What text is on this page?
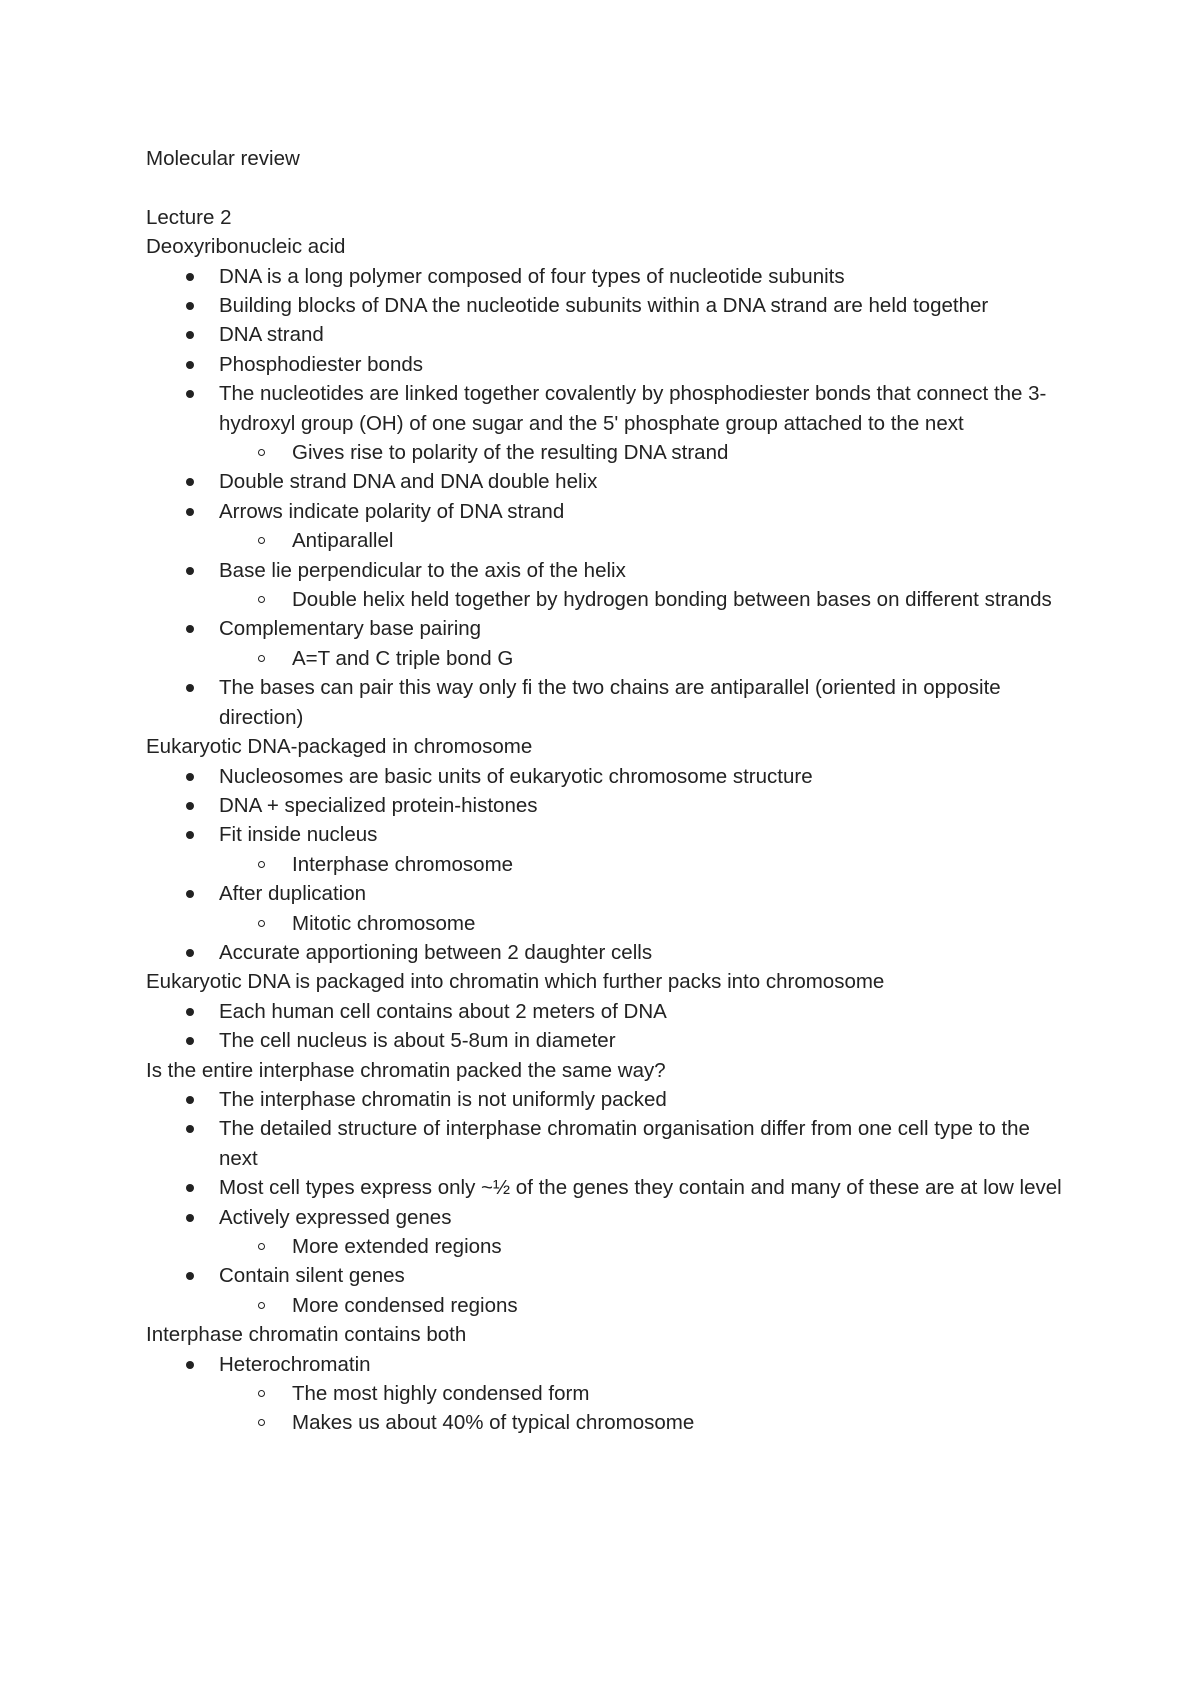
Molecular review

Lecture 2

Deoxyribonucleic acid

DNA is a long polymer composed of four types of nucleotide subunits
Building blocks of DNA the nucleotide subunits within a DNA strand are held together
DNA strand
Phosphodiester bonds
The nucleotides are linked together covalently by phosphodiester bonds that connect the 3-hydroxyl group (OH) of one sugar and the 5' phosphate group attached to the next
Gives rise to polarity of the resulting DNA strand
Double strand DNA and DNA double helix
Arrows indicate polarity of DNA strand
Antiparallel
Base lie perpendicular to the axis of the helix
Double helix held together by hydrogen bonding between bases on different strands
Complementary base pairing
A=T and C triple bond G
The bases can pair this way only fi the two chains are antiparallel (oriented in opposite direction)

Eukaryotic DNA-packaged in chromosome

Nucleosomes are basic units of eukaryotic chromosome structure
DNA + specialized protein-histones
Fit inside nucleus
Interphase chromosome
After duplication
Mitotic chromosome
Accurate apportioning between 2 daughter cells

Eukaryotic DNA is packaged into chromatin which further packs into chromosome

Each human cell contains about 2 meters of DNA
The cell nucleus is about 5-8um in diameter

Is the entire interphase chromatin packed the same way?

The interphase chromatin is not uniformly packed
The detailed structure of interphase chromatin organisation differ from one cell type to the next
Most cell types express only ~½ of the genes they contain and many of these are at low level
Actively expressed genes
More extended regions
Contain silent genes
More condensed regions

Interphase chromatin contains both

Heterochromatin
The most highly condensed form
Makes us about 40% of typical chromosome
